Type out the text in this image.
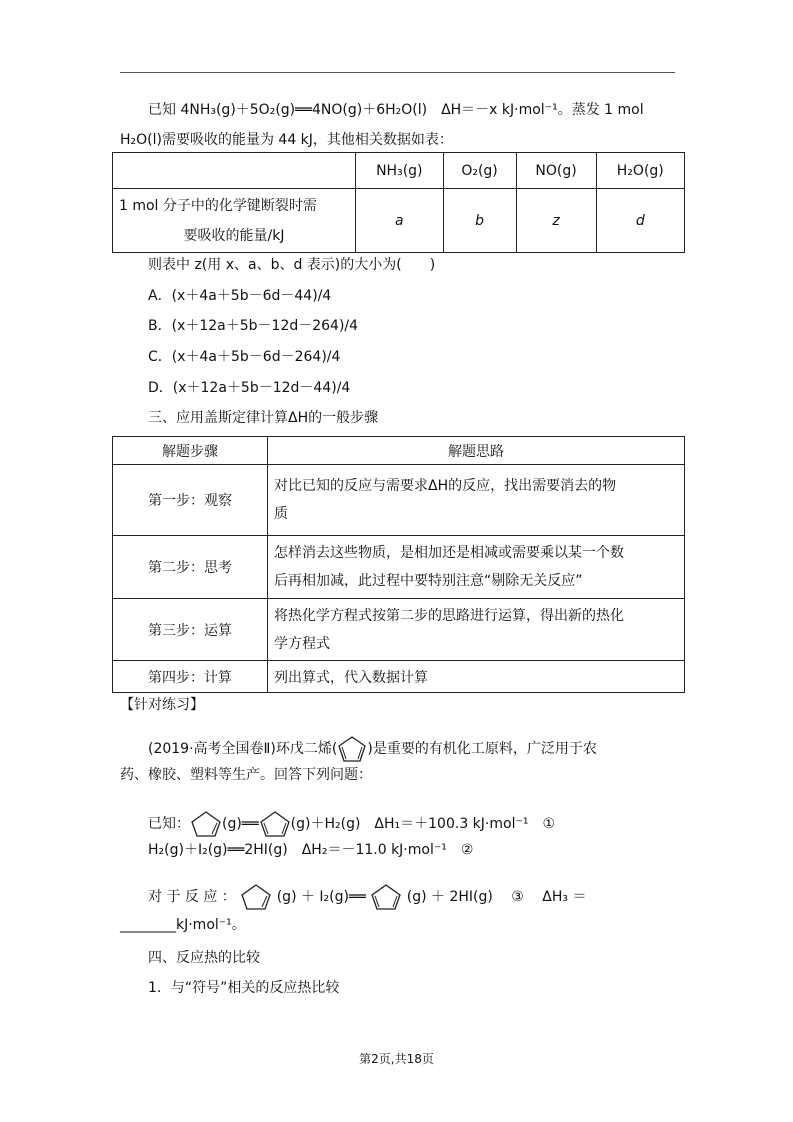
已知 4NH₃(g)＋5O₂(g)══4NO(g)＋6H₂O(l)　ΔH＝－x kJ·mol⁻¹。蒸发 1 mol
H₂O(l)需要吸收的能量为 44 kJ，其他相关数据如表：
	NH₃(g)	O₂(g)	NO(g)	H₂O(g)

1 mol 分子中的化学键断裂时需
要吸收的能量/kJ	a	b	z	d
则表中 z(用 x、a、b、d 表示)的大小为(　　)
A．(x＋4a＋5b－6d－44)/4
B．(x＋12a＋5b－12d－264)/4
C．(x＋4a＋5b－6d－264)/4
D．(x＋12a＋5b－12d－44)/4
三、应用盖斯定律计算ΔH的一般步骤
解题步骤	解题思路
第一步：观察	对比已知的反应与需要求ΔH的反应，找出需要消去的物
质

第二步：思考	怎样消去这些物质，是相加还是相减或需要乘以某一个数
后再相加减，此过程中要特别注意“剔除无关反应”

第三步：运算	将热化学方程式按第二步的思路进行运算，得出新的热化
学方程式

第四步：计算	列出算式，代入数据计算
【针对练习】
(2019·高考全国卷Ⅱ)环戊二烯( )是重要的有机化工原料，广泛用于农
药、橡胶、塑料等生产。回答下列问题：
已知： (g)══ (g)＋H₂(g)　ΔH₁＝＋100.3 kJ·mol⁻¹　①
H₂(g)＋I₂(g)══2HI(g)　ΔH₂＝－11.0 kJ·mol⁻¹　②
对 于 反 应 ：	(g) ＋ I₂(g)══	(g) ＋ 2HI(g)　 ③　 ΔH₃ ＝
________kJ·mol⁻¹。
四、反应热的比较
1．与“符号”相关的反应热比较
第2页,共18页
